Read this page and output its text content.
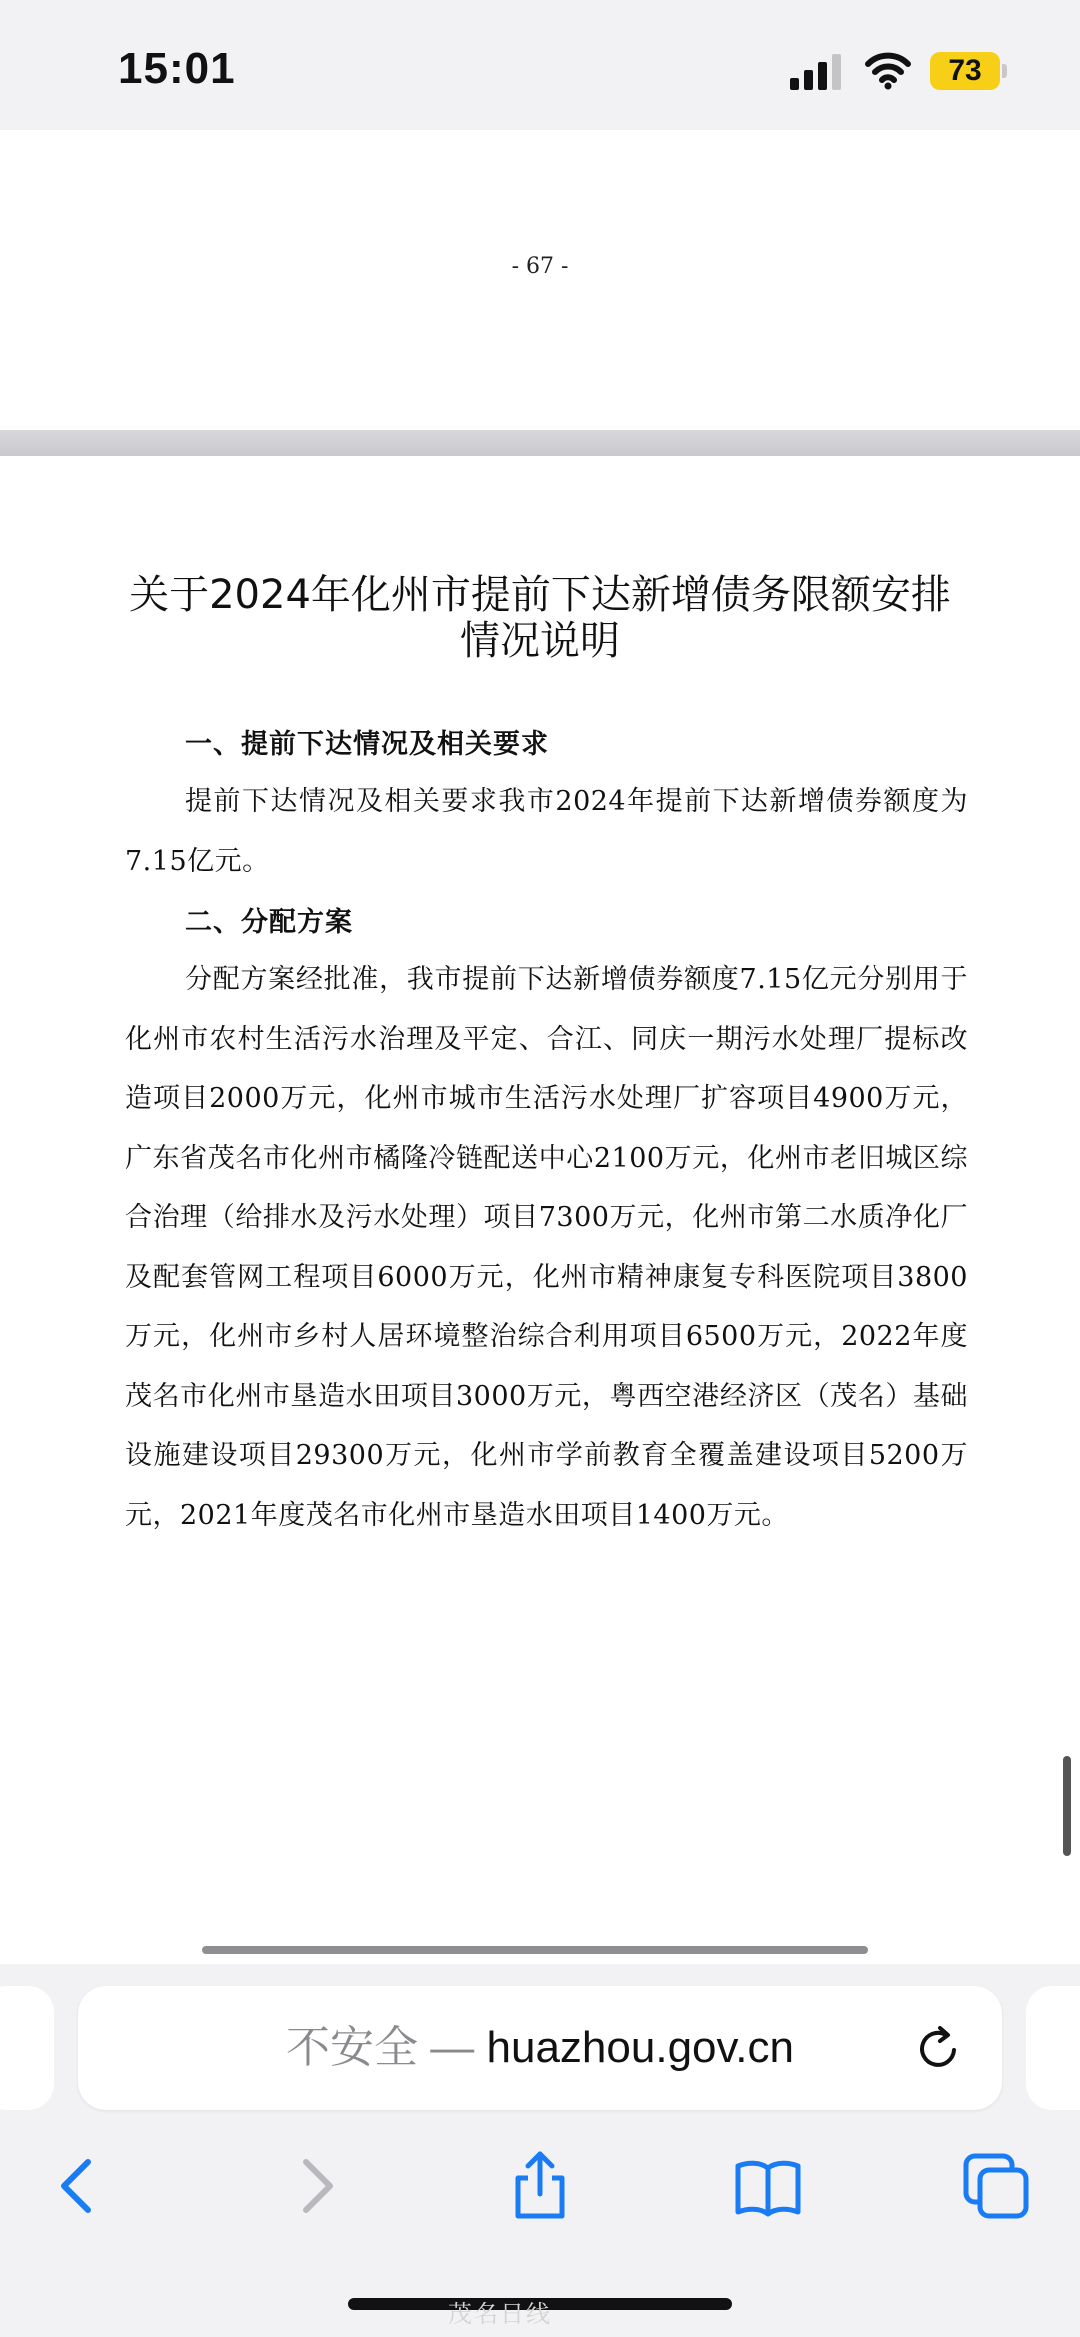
15:01	73
- 67 -
关于2024年化州市提前下达新增债务限额安排情况说明
一、提前下达情况及相关要求
提前下达情况及相关要求我市2024年提前下达新增债券额度为7.15亿元。
二、分配方案
分配方案经批准，我市提前下达新增债券额度7.15亿元分别用于化州市农村生活污水治理及平定、合江、同庆一期污水处理厂提标改造项目2000万元，化州市城市生活污水处理厂扩容项目4900万元，广东省茂名市化州市橘隆冷链配送中心2100万元，化州市老旧城区综合治理（给排水及污水处理）项目7300万元，化州市第二水质净化厂及配套管网工程项目6000万元，化州市精神康复专科医院项目3800万元，化州市乡村人居环境整治综合利用项目6500万元，2022年度茂名市化州市垦造水田项目3000万元，粤西空港经济区（茂名）基础设施建设项目29300万元，化州市学前教育全覆盖建设项目5200万元，2021年度茂名市化州市垦造水田项目1400万元。
不安全 — huazhou.gov.cn
茂名日线
